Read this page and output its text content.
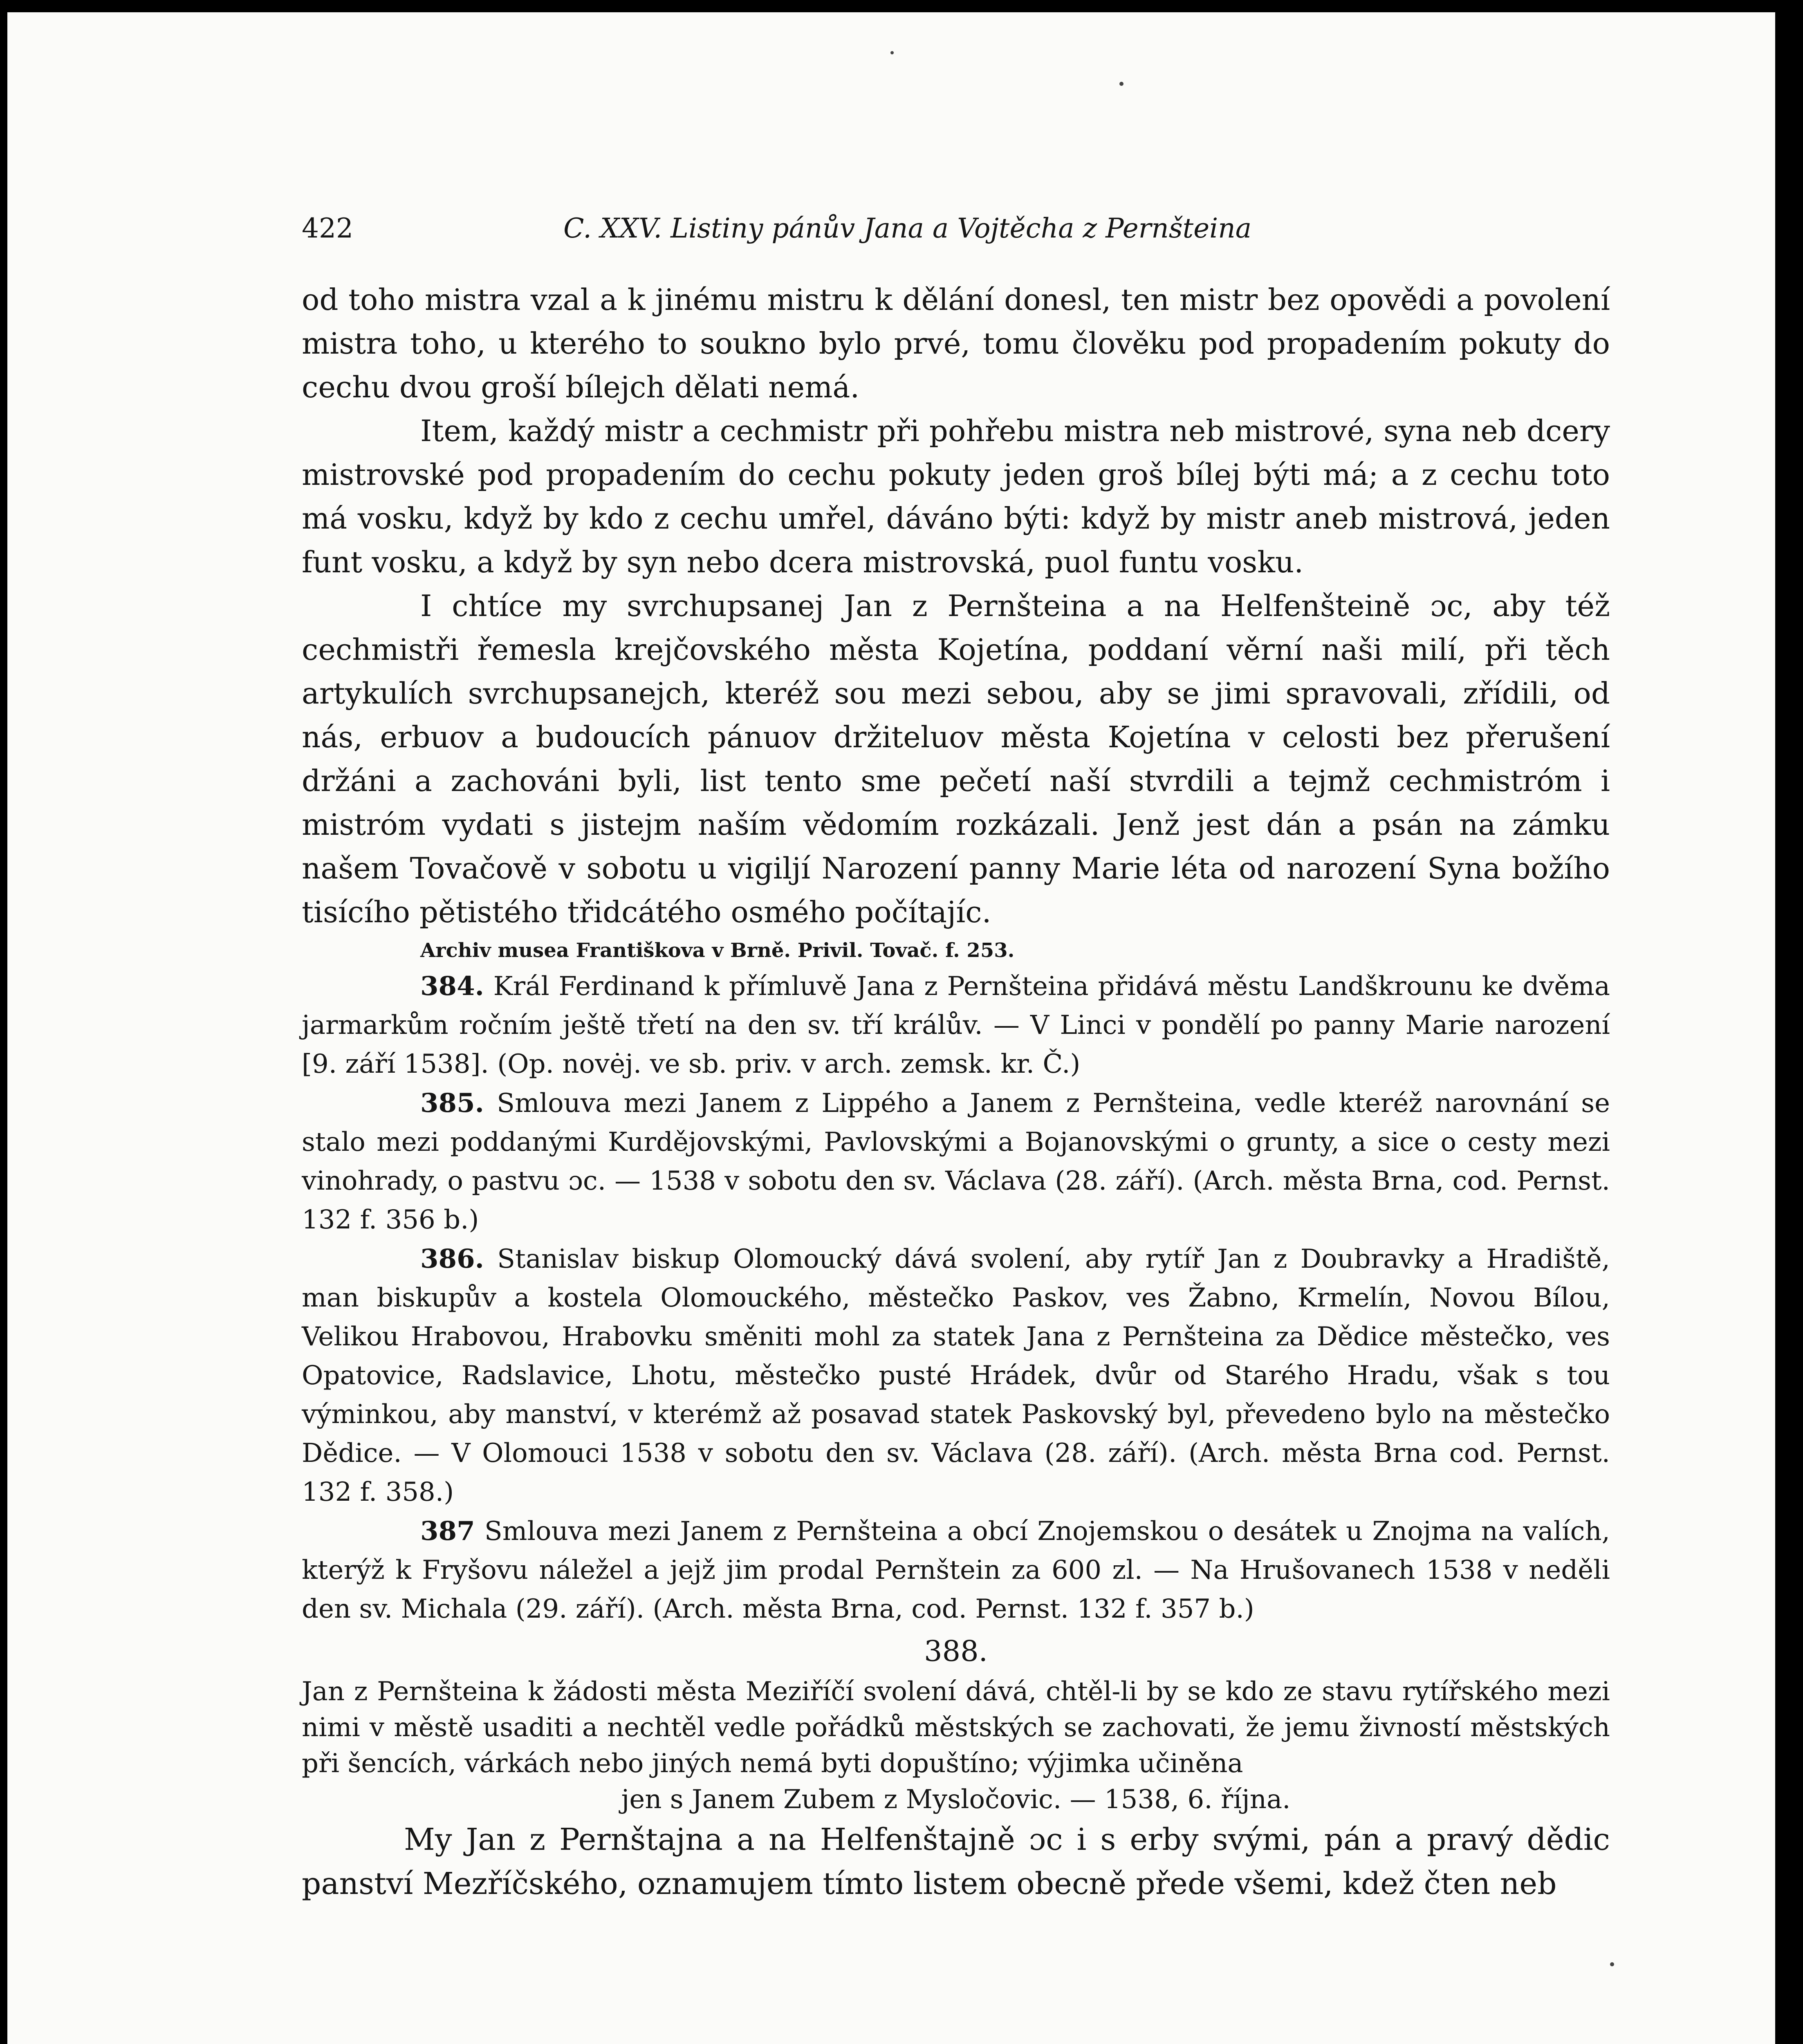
422	C. XXV. Listiny pánův Jana a Vojtěcha z Pernšteina

od toho mistra vzal a k jinému mistru k dělání donesl, ten mistr bez opovědi a povolení mistra toho, u kterého to soukno bylo prvé, tomu člověku pod propadením pokuty do cechu dvou groší bílejch dělati nemá.

Item, každý mistr a cechmistr při pohřebu mistra neb mistrové, syna neb dcery mistrovské pod propadením do cechu pokuty jeden groš bílej býti má; a z cechu toto má vosku, když by kdo z cechu umřel, dáváno býti: když by mistr aneb mistrová, jeden funt vosku, a když by syn nebo dcera mistrovská, puol funtu vosku.

I chtíce my svrchupsanej Jan z Pernšteina a na Helfenšteině ɔc, aby též cechmistři řemesla krejčovského města Kojetína, poddaní věrní naši milí, při těch artykulích svrchupsanejch, kteréž sou mezi sebou, aby se jimi spravovali, zřídili, od nás, erbuov a budoucích pánuov držiteluov města Kojetína v celosti bez přerušení držáni a zachováni byli, list tento sme pečetí naší stvrdili a tejmž cechmistróm i mistróm vydati s jistejm naším vědomím rozkázali. Jenž jest dán a psán na zámku našem Tovačově v sobotu u vigiljí Narození panny Marie léta od narození Syna božího tisícího pětistého třidcátého osmého počítajíc.

Archiv musea Františkova v Brně. Privil. Tovač. f. 253.

384. Král Ferdinand k přímluvě Jana z Pernšteina přidává městu Landškrounu ke dvěma jarmarkům ročním ještě třetí na den sv. tří králův. — V Linci v pondělí po panny Marie narození [9. září 1538]. (Op. novėj. ve sb. priv. v arch. zemsk. kr. Č.)

385. Smlouva mezi Janem z Lippého a Janem z Pernšteina, vedle kteréž narovnání se stalo mezi poddanými Kurdějovskými, Pavlovskými a Bojanovskými o grunty, a sice o cesty mezi vinohrady, o pastvu ɔc. — 1538 v sobotu den sv. Václava (28. září). (Arch. města Brna, cod. Pernst. 132 f. 356 b.)

386. Stanislav biskup Olomoucký dává svolení, aby rytíř Jan z Doubravky a Hradiště, man biskupův a kostela Olomouckého, městečko Paskov, ves Žabno, Krmelín, Novou Bílou, Velikou Hrabovou, Hrabovku směniti mohl za statek Jana z Pernšteina za Dědice městečko, ves Opatovice, Radslavice, Lhotu, městečko pusté Hrádek, dvůr od Starého Hradu, však s tou výminkou, aby manství, v kterémž až posavad statek Paskovský byl, převedeno bylo na městečko Dědice. — V Olomouci 1538 v sobotu den sv. Václava (28. září). (Arch. města Brna cod. Pernst. 132 f. 358.)

387 Smlouva mezi Janem z Pernšteina a obcí Znojemskou o desátek u Znojma na valích, kterýž k Fryšovu náležel a jejž jim prodal Pernštein za 600 zl. — Na Hrušovanech 1538 v neděli den sv. Michala (29. září). (Arch. města Brna, cod. Pernst. 132 f. 357 b.)

388.

Jan z Pernšteina k žádosti města Meziříčí svolení dává, chtěl-li by se kdo ze stavu rytířského mezi nimi v městě usaditi a nechtěl vedle pořádků městských se zachovati, že jemu živností městských při šencích, várkách nebo jiných nemá byti dopuštíno; výjimka učiněna
jen s Janem Zubem z Mysločovic. — 1538, 6. října.

My Jan z Pernštajna a na Helfenštajně ɔc i s erby svými, pán a pravý dědic panství Mezříčského, oznamujem tímto listem obecně přede všemi, kdež čten neb
